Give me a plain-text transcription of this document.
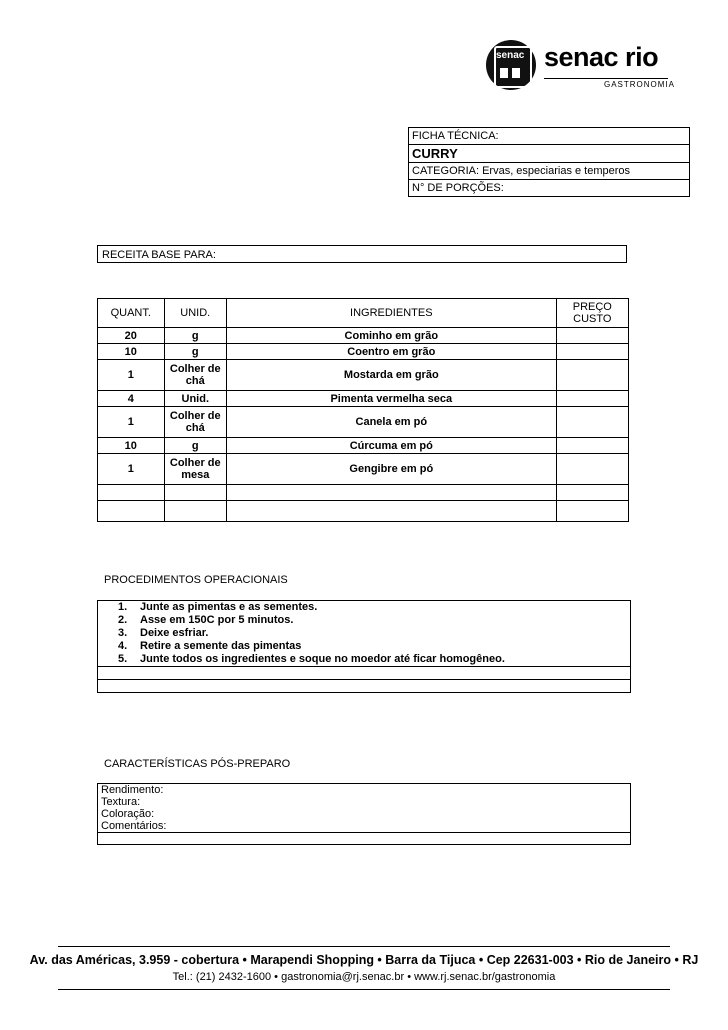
senac senac rio
GASTRONOMIA
FICHA TÉCNICA:
CURRY
CATEGORIA: Ervas, especiarias e temperos
N° DE PORÇÕES:
RECEITA BASE PARA:
QUANT.	UNID.	INGREDIENTES	PREÇO CUSTO
20	g	Cominho em grão	
10	g	Coentro em grão	
1	Colher de chá	Mostarda em grão	
4	Unid.	Pimenta vermelha seca	
1	Colher de chá	Canela em pó	
10	g	Cúrcuma em pó	
1	Colher de mesa	Gengibre em pó	

PROCEDIMENTOS OPERACIONAIS
1. Junte as pimentas e as sementes.
2. Asse em 150C por 5 minutos.
3. Deixe esfriar.
4. Retire a semente das pimentas
5. Junte todos os ingredientes e soque no moedor até ficar homogêneo.

CARACTERÍSTICAS PÓS-PREPARO
Rendimento:
Textura:
Coloração:
Comentários:

Av. das Américas, 3.959 - cobertura • Marapendi Shopping • Barra da Tijuca • Cep 22631-003 • Rio de Janeiro • RJ
Tel.: (21) 2432-1600 • gastronomia@rj.senac.br • www.rj.senac.br/gastronomia
